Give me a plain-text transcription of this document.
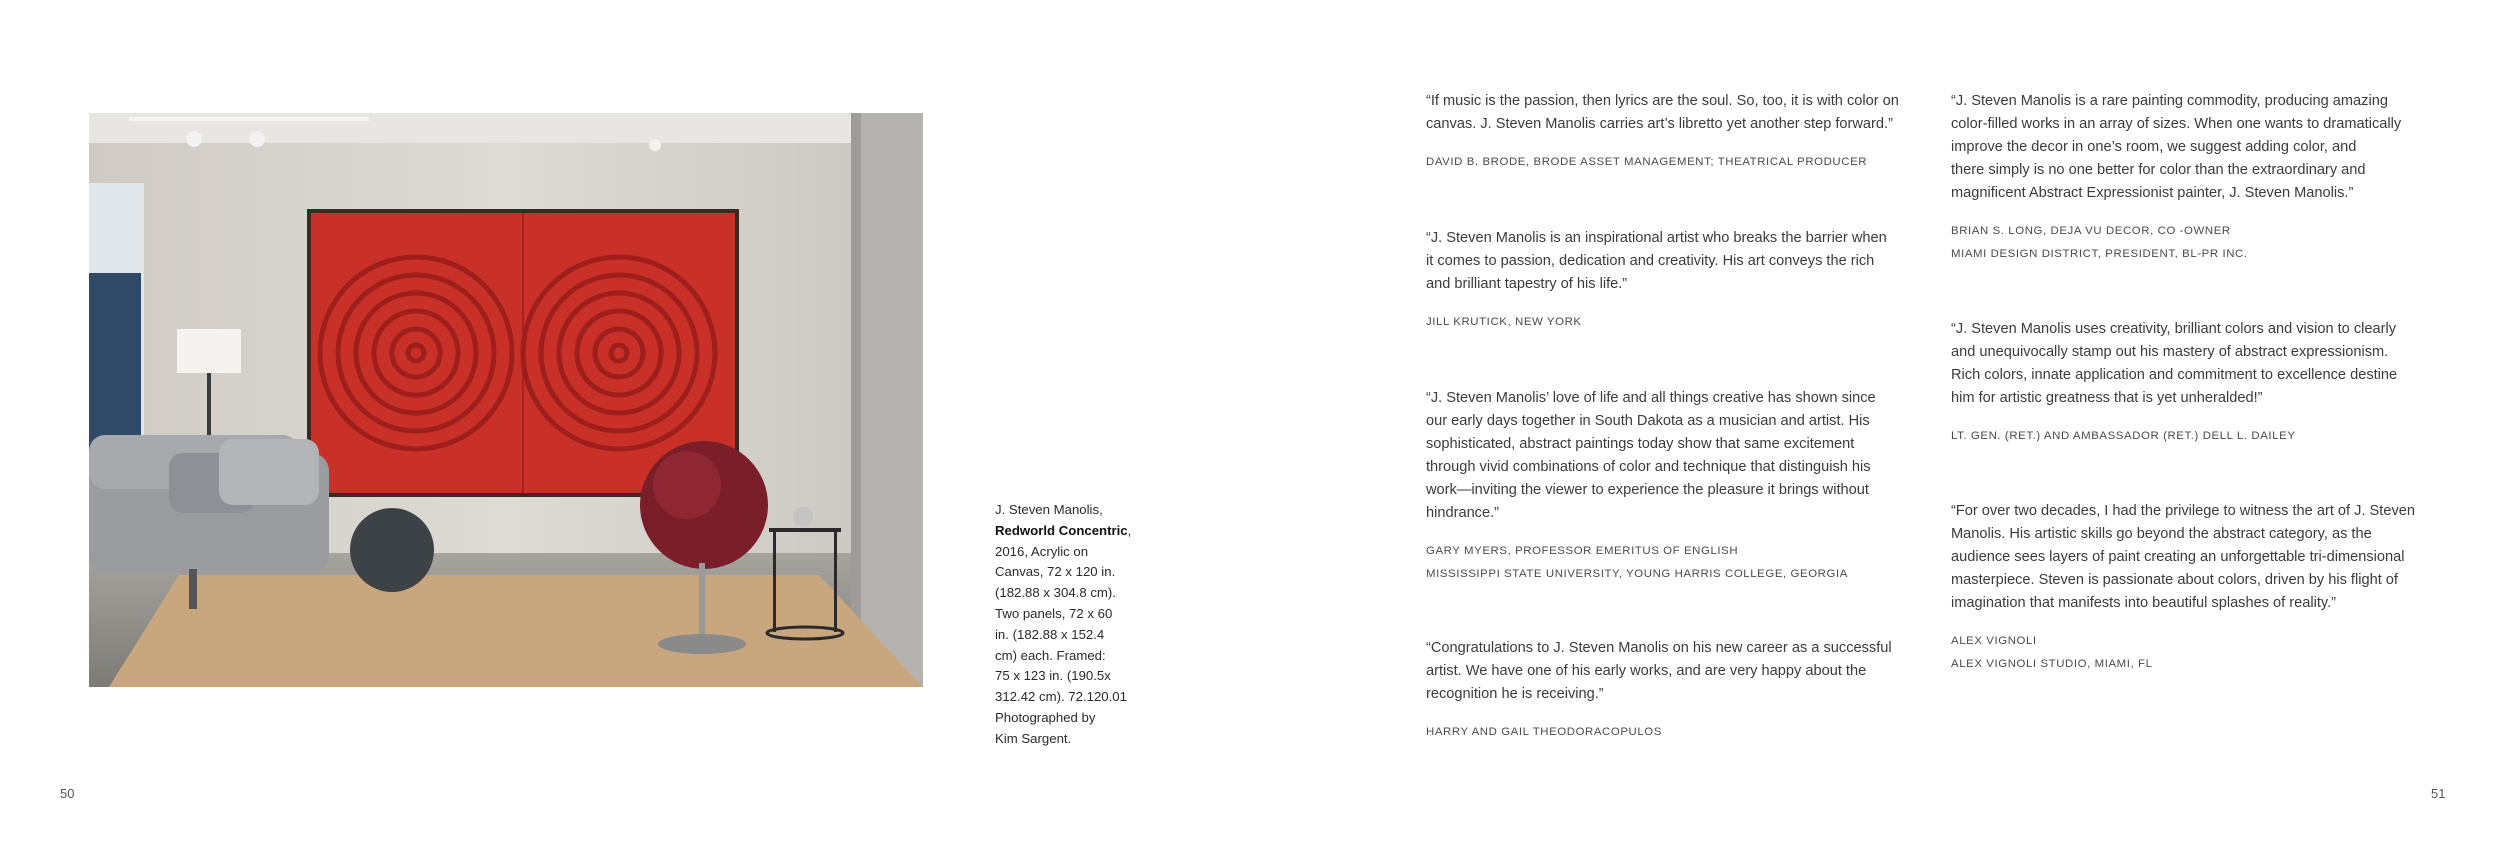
J. Steven Manolis,
Redworld Concentric,
2016, Acrylic on
Canvas, 72 x 120 in.
(182.88 x 304.8 cm).
Two panels, 72 x 60
in. (182.88 x 152.4
cm) each. Framed:
75 x 123 in. (190.5x
312.42 cm). 72.120.01
Photographed by
Kim Sargent.

“If music is the passion, then lyrics are the soul. So, too, it is with color on
canvas. J. Steven Manolis carries art’s libretto yet another step forward.”

DAVID B. BRODE, BRODE ASSET MANAGEMENT; THEATRICAL PRODUCER

“J. Steven Manolis is an inspirational artist who breaks the barrier when
it comes to passion, dedication and creativity. His art conveys the rich
and brilliant tapestry of his life.”

JILL KRUTICK, NEW YORK

“J. Steven Manolis’ love of life and all things creative has shown since
our early days together in South Dakota as a musician and artist. His
sophisticated, abstract paintings today show that same excitement
through vivid combinations of color and technique that distinguish his
work—inviting the viewer to experience the pleasure it brings without
hindrance.”

GARY MYERS, PROFESSOR EMERITUS OF ENGLISH
MISSISSIPPI STATE UNIVERSITY, YOUNG HARRIS COLLEGE, GEORGIA

“Congratulations to J. Steven Manolis on his new career as a successful
artist. We have one of his early works, and are very happy about the
recognition he is receiving.”

HARRY AND GAIL THEODORACOPULOS

“J. Steven Manolis is a rare painting commodity, producing amazing
color-filled works in an array of sizes. When one wants to dramatically
improve the decor in one’s room, we suggest adding color, and
there simply is no one better for color than the extraordinary and
magnificent Abstract Expressionist painter, J. Steven Manolis.”

BRIAN S. LONG, DEJA VU DECOR, CO -OWNER
MIAMI DESIGN DISTRICT, PRESIDENT, BL-PR INC.

“J. Steven Manolis uses creativity, brilliant colors and vision to clearly
and unequivocally stamp out his mastery of abstract expressionism.
Rich colors, innate application and commitment to excellence destine
him for artistic greatness that is yet unheralded!”

LT. GEN. (RET.) AND AMBASSADOR (RET.) DELL L. DAILEY

“For over two decades, I had the privilege to witness the art of J. Steven
Manolis. His artistic skills go beyond the abstract category, as the
audience sees layers of paint creating an unforgettable tri-dimensional
masterpiece. Steven is passionate about colors, driven by his flight of
imagination that manifests into beautiful splashes of reality.”

ALEX VIGNOLI
ALEX VIGNOLI STUDIO, MIAMI, FL

50	51
